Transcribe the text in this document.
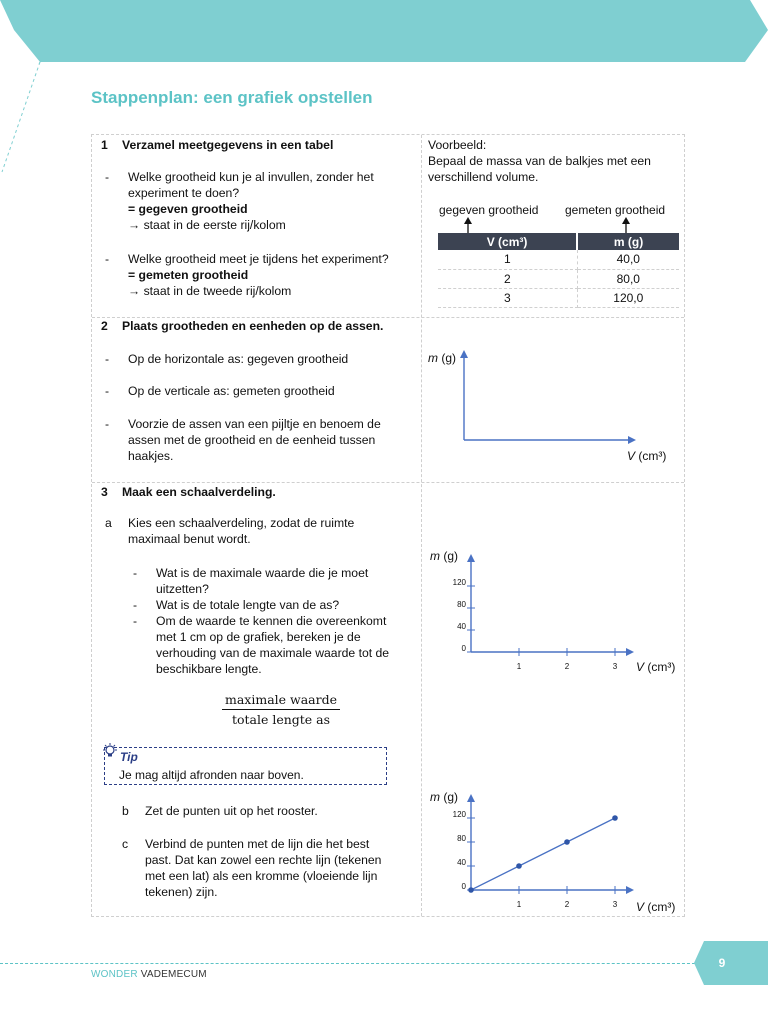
Stappenplan: een grafiek opstellen
1 Verzamel meetgegevens in een tabel
- Welke grootheid kun je al invullen, zonder het
experiment te doen?
= gegeven grootheid
→ staat in de eerste rij/kolom
- Welke grootheid meet je tijdens het experiment?
= gemeten grootheid
→ staat in de tweede rij/kolom
Voorbeeld:
Bepaal de massa van de balkjes met een
verschillend volume.
gegeven grootheid gemeten grootheid
V (cm³)	m (g)
1	40,0
2	80,0
3	120,0
2 Plaats grootheden en eenheden op de assen.
- Op de horizontale as: gegeven grootheid
- Op de verticale as: gemeten grootheid
- Voorzie de assen van een pijltje en benoem de
assen met de grootheid en de eenheid tussen
haakjes.
3 Maak een schaalverdeling.
a Kies een schaalverdeling, zodat de ruimte
maximaal benut wordt.
- Wat is de maximale waarde die je moet
uitzetten?
- Wat is de totale lengte van de as?
- Om de waarde te kennen die overeenkomt
met 1 cm op de grafiek, bereken je de
verhouding van de maximale waarde tot de
beschikbare lengte.
maximale waarde
totale lengte as
Tip
Je mag altijd afronden naar boven.
b Zet de punten uit op het rooster.
c Verbind de punten met de lijn die het best
past. Dat kan zowel een rechte lijn (tekenen
met een lat) als een kromme (vloeiende lijn
tekenen) zijn.
m (g)
V (cm³)
m (g)
V (cm³)
1	2	3
0
40
80
120
m (g)
V (cm³)
1	2	3
0
40
80
120
WONDER VADEMECUM
9
